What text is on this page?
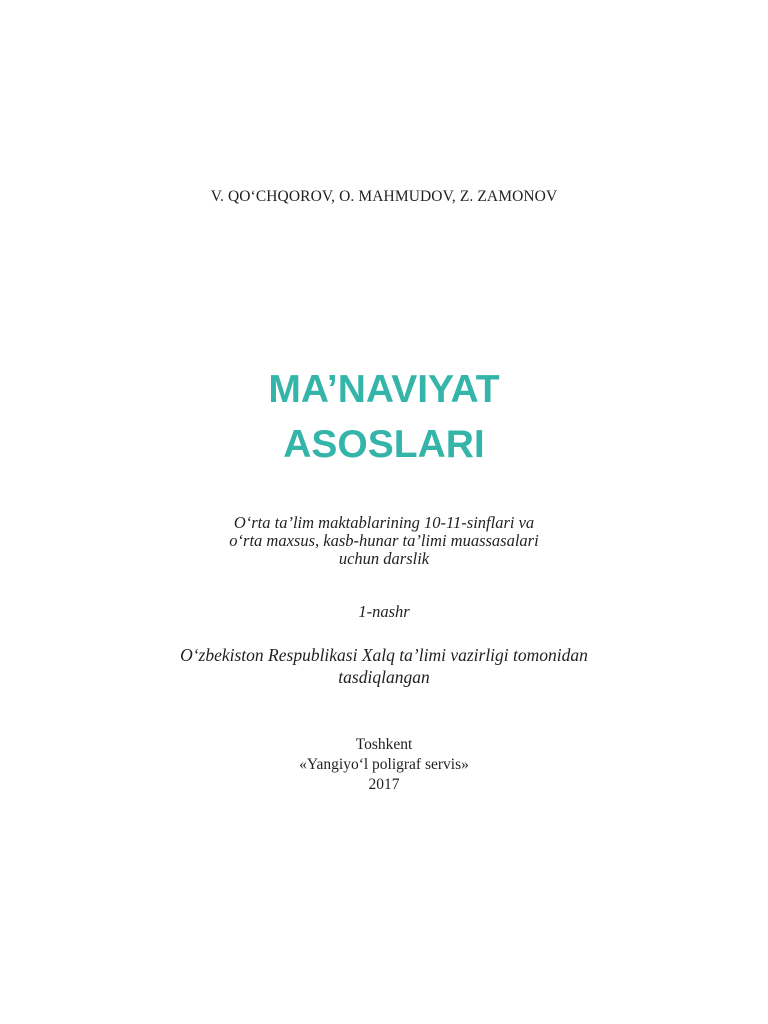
V. QO‘CHQOROV, O. MAHMUDOV, Z. ZAMONOV
MA’NAVIYAT
ASOSLARI
O‘rta ta’lim maktablarining 10-11-sinflari va
o‘rta maxsus, kasb-hunar ta’limi muassasalari
uchun darslik
1-nashr
O‘zbekiston Respublikasi Xalq ta’limi vazirligi tomonidan
tasdiqlangan
Toshkent
«Yangiyo‘l poligraf servis»
2017
